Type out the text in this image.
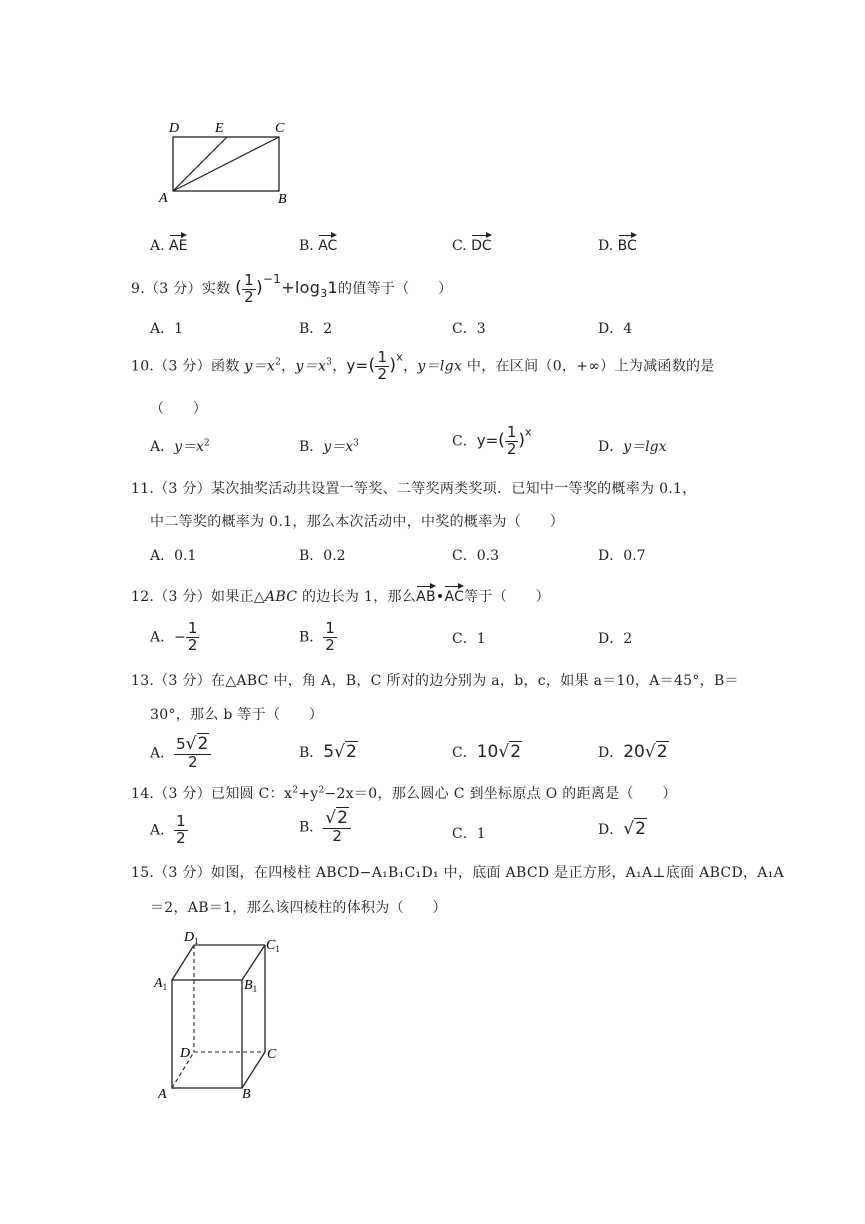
D	E	C
A	B
A. AE	B. AC	C. DC	D. BC
9.（3 分）实数 ( $\frac{1}{2} )^{-1}+\log_31$的值等于（　　）
A．1	B．2	C．3	D．4
10.（3 分）函数 $y=x^2$，$y=x^3$，$y=( \frac{1}{2} )^x$，y＝lgx 中，在区间（0，+∞）上为减函数的是
（　　）
A．$y=x^2$	B．$y=x^3$	C．$y=( \frac{1}{2} )^x$
D．y＝lgx
11.（3 分）某次抽奖活动共设置一等奖、二等奖两类奖项．已知中一等奖的概率为 0.1，
中二等奖的概率为 0.1，那么本次活动中，中奖的概率为（　　）
A．0.1	B．0.2	C．0.3	D．0.7
12.（3 分）如果正△ABC 的边长为 1，那么AB•AC等于（　　）
A．− $\frac{1}{2}$	B． $\frac{1}{2}$	C．1	D．2
13.（3 分）在△ABC 中，角 A，B，C 所对的边分别为 a，b，c，如果 a＝10，A＝45°，B＝
30°，那么 b 等于（　　）
A． $\frac{5√2}{2}$	B．5√2	C．10√2	D．20√2
14.（3 分）已知圆 C：$x^2+y^2-2x=0$，那么圆心 C 到坐标原点 O 的距离是（　　）
A． $\frac{1}{2}$	B． $\frac{√2}{2}$	C．1	D．√2
15.（3 分）如图，在四棱柱 ABCD−A₁B₁C₁D₁ 中，底面 ABCD 是正方形，A₁A⊥底面 ABCD，A₁A
＝2，AB＝1，那么该四棱柱的体积为（　　）
$D_1$	$C_1$
$A_1$	$B_1$
D	C
A	B
